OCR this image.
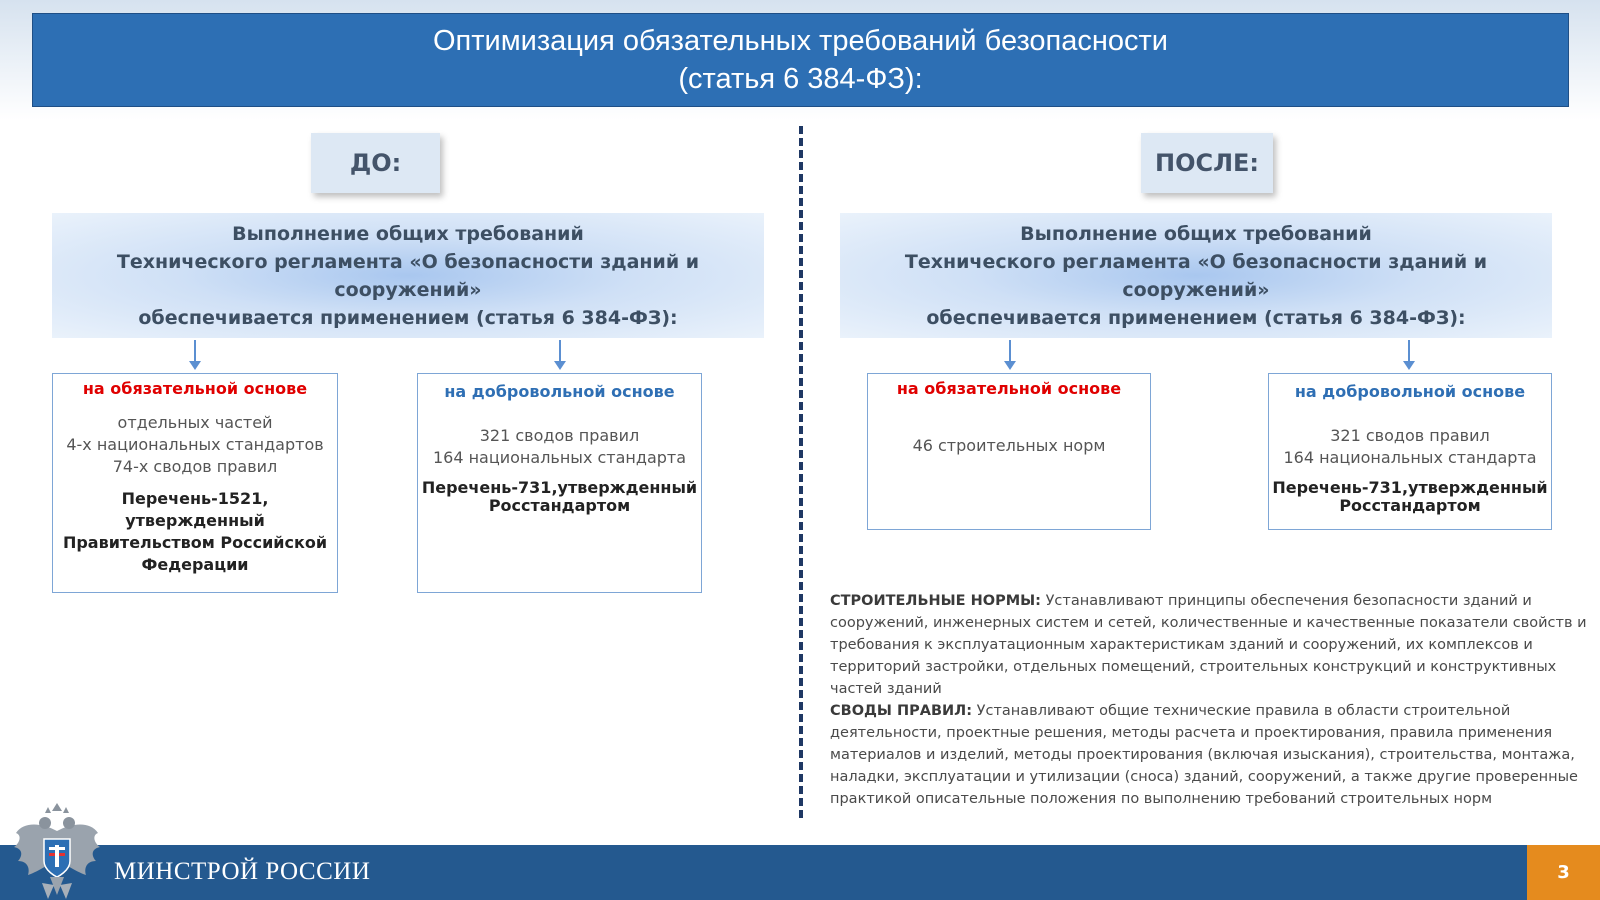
Оптимизация обязательных требований безопасности
(статья 6 384-ФЗ):
ДО:
Выполнение общих требований
Технического регламента «О безопасности зданий и сооружений»
обеспечивается применением (статья 6 384-ФЗ):
на обязательной основе
отдельных частей
4-х национальных стандартов
74-х сводов правил
Перечень-1521,
утвержденный
Правительством Российской
Федерации
на добровольной основе
321 сводов правил
164 национальных стандарта
Перечень-731,утвержденный
Росстандартом
ПОСЛЕ:
Выполнение общих требований
Технического регламента «О безопасности зданий и сооружений»
обеспечивается применением (статья 6 384-ФЗ):
на обязательной основе
46 строительных норм
на добровольной основе
321 сводов правил
164 национальных стандарта
Перечень-731,утвержденный
Росстандартом

СТРОИТЕЛЬНЫЕ НОРМЫ: Устанавливают принципы обеспечения безопасности зданий и сооружений, инженерных систем и сетей, количественные и качественные показатели свойств и требования к эксплуатационным характеристикам зданий и сооружений, их комплексов и территорий застройки, отдельных помещений, строительных конструкций и конструктивных частей зданий

СВОДЫ ПРАВИЛ: Устанавливают общие технические правила в области строительной деятельности, проектные решения, методы расчета и проектирования, правила применения материалов и изделий, методы проектирования (включая изыскания), строительства, монтажа, наладки, эксплуатации и утилизации (сноса) зданий, сооружений, а также другие проверенные практикой описательные положения по выполнению требований строительных норм

МИНСТРОЙ РОССИИ	3
